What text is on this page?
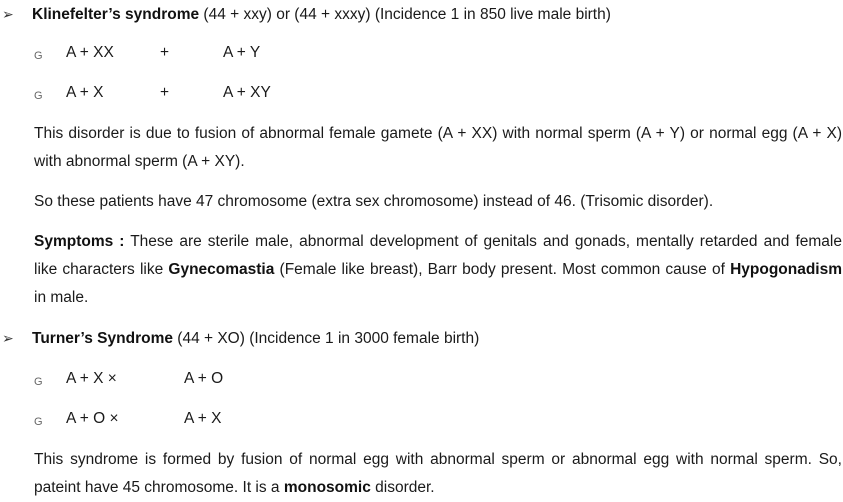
➢ Klinefelter’s syndrome (44 + xxy) or (44 + xxxy) (Incidence 1 in 850 live male birth)
G A + XX	+	A + Y
G A + X	+	A + XY
This disorder is due to fusion of abnormal female gamete (A + XX) with normal sperm (A + Y) or normal egg (A + X) with abnormal sperm (A + XY).
So these patients have 47 chromosome (extra sex chromosome) instead of 46. (Trisomic disorder).
Symptoms : These are sterile male, abnormal development of genitals and gonads, mentally retarded and female like characters like Gynecomastia (Female like breast), Barr body present. Most common cause of Hypogonadism in male.
➢ Turner’s Syndrome (44 + XO) (Incidence 1 in 3000 female birth)
G A + X ×	A + O
G A + O ×	A + X
This syndrome is formed by fusion of normal egg with abnormal sperm or abnormal egg with normal sperm. So, pateint have 45 chromosome. It is a monosomic disorder.
